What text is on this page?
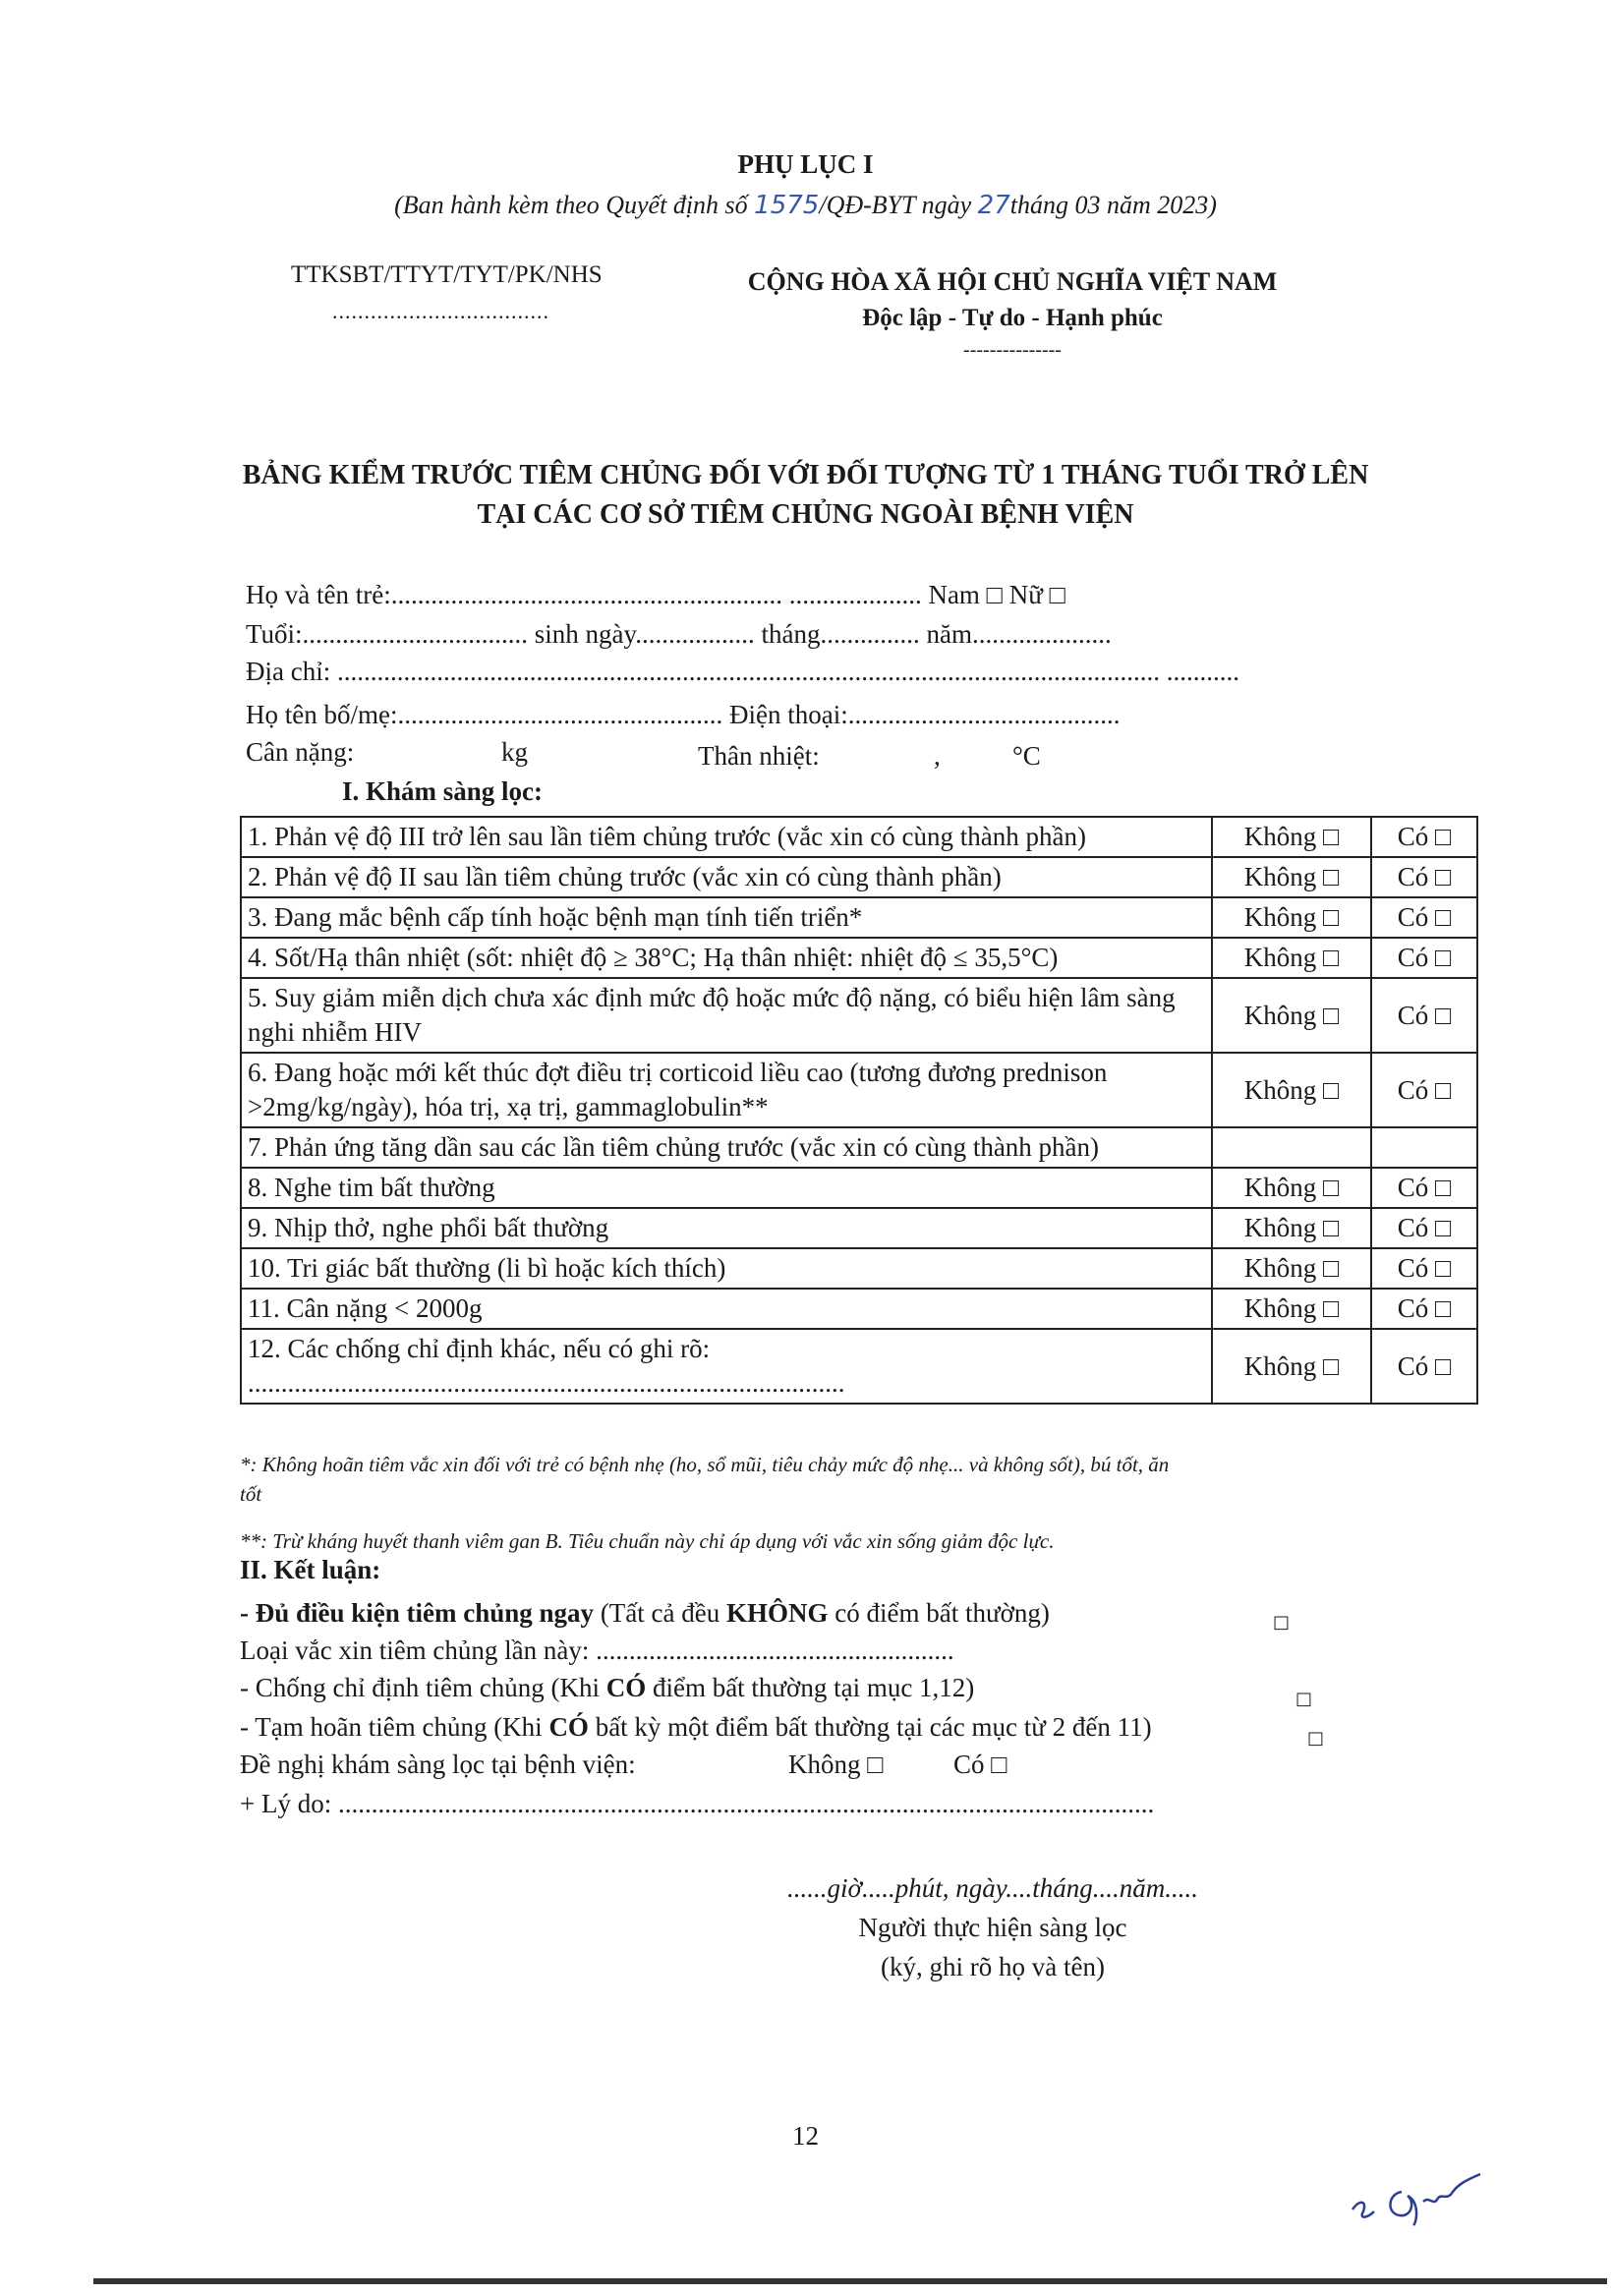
PHỤ LỤC I
(Ban hành kèm theo Quyết định số 1575/QĐ-BYT ngày 27tháng 03 năm 2023)
TTKSBT/TTYT/TYT/PK/NHS
..................................
CỘNG HÒA XÃ HỘI CHỦ NGHĨA VIỆT NAM
Độc lập - Tự do - Hạnh phúc
---------------
BẢNG KIỂM TRƯỚC TIÊM CHỦNG ĐỐI VỚI ĐỐI TƯỢNG TỪ 1 THÁNG TUỔI TRỞ LÊN
TẠI CÁC CƠ SỞ TIÊM CHỦNG NGOÀI BỆNH VIỆN
Họ và tên trẻ:........................................................... .................... Nam □ Nữ □
Tuổi:.................................. sinh ngày.................. tháng............... năm.....................
Địa chỉ: ............................................................................................................................ ...........
Họ tên bố/mẹ:................................................. Điện thoại:.........................................
Cân nặng:	kg	Thân nhiệt:	,	°C
I. Khám sàng lọc:
1. Phản vệ độ III trở lên sau lần tiêm chủng trước (vắc xin có cùng thành phần)	Không □	Có □
2. Phản vệ độ II sau lần tiêm chủng trước (vắc xin có cùng thành phần)	Không □	Có □
3. Đang mắc bệnh cấp tính hoặc bệnh mạn tính tiến triển*	Không □	Có □
4. Sốt/Hạ thân nhiệt (sốt: nhiệt độ ≥ 38°C; Hạ thân nhiệt: nhiệt độ ≤ 35,5°C)	Không □	Có □
5. Suy giảm miễn dịch chưa xác định mức độ hoặc mức độ nặng, có biểu hiện lâm sàng nghi nhiễm HIV	Không □	Có □
6. Đang hoặc mới kết thúc đợt điều trị corticoid liều cao (tương đương prednison >2mg/kg/ngày), hóa trị, xạ trị, gammaglobulin**	Không □	Có □
7. Phản ứng tăng dần sau các lần tiêm chủng trước (vắc xin có cùng thành phần)		
8. Nghe tim bất thường	Không □	Có □
9. Nhịp thở, nghe phổi bất thường	Không □	Có □
10. Tri giác bất thường (li bì hoặc kích thích)	Không □	Có □
11. Cân nặng < 2000g	Không □	Có □
12. Các chống chỉ định khác, nếu có ghi rõ: ..........................................................................................	Không □	Có □
*: Không hoãn tiêm vắc xin đối với trẻ có bệnh nhẹ (ho, sổ mũi, tiêu chảy mức độ nhẹ... và không sốt), bú tốt, ăn
tốt
**: Trừ kháng huyết thanh viêm gan B. Tiêu chuẩn này chỉ áp dụng với vắc xin sống giảm độc lực.
II. Kết luận:
- Đủ điều kiện tiêm chủng ngay (Tất cả đều KHÔNG có điểm bất thường)	□
Loại vắc xin tiêm chủng lần này: ......................................................
- Chống chỉ định tiêm chủng (Khi CÓ điểm bất thường tại mục 1,12)	□
- Tạm hoãn tiêm chủng (Khi CÓ bất kỳ một điểm bất thường tại các mục từ 2 đến 11)	□
Đề nghị khám sàng lọc tại bệnh viện:	Không □	Có □
+ Lý do: ...........................................................................................................................
......giờ.....phút, ngày....tháng....năm.....
Người thực hiện sàng lọc
(ký, ghi rõ họ và tên)
12
